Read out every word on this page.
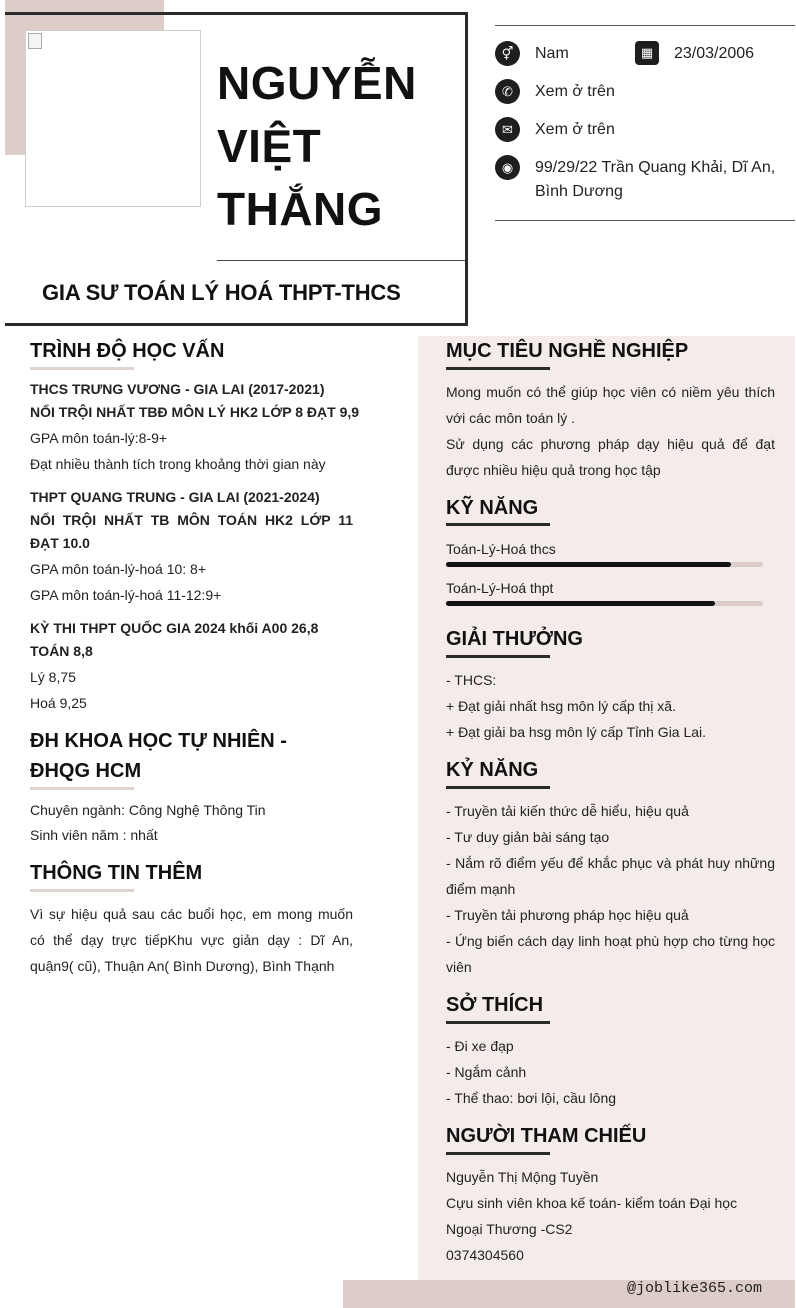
NGUYỄN
VIỆT
THẮNG
GIA SƯ TOÁN LÝ HOÁ THPT-THCS
⚥	Nam	▦	23/03/2006
✆	Xem ở trên
✉	Xem ở trên
◉	99/29/22 Trần Quang Khải, Dĩ An, Bình Dương
TRÌNH ĐỘ HỌC VẤN
THCS TRƯNG VƯƠNG - GIA LAI (2017-2021)
NỔI TRỘI NHẤT TBĐ MÔN LÝ HK2 LỚP 8 ĐẠT 9,9
GPA môn toán-lý:8-9+
Đạt nhiều thành tích trong khoảng thời gian này
THPT QUANG TRUNG - GIA LAI (2021-2024)
NỔI TRỘI NHẤT TB MÔN TOÁN HK2 LỚP 11 ĐẠT 10.0
GPA môn toán-lý-hoá 10: 8+
GPA môn toán-lý-hoá 11-12:9+
KỲ THI THPT QUỐC GIA 2024 khối A00 26,8 TOÁN 8,8
Lý 8,75
Hoá 9,25
ĐH KHOA HỌC TỰ NHIÊN - ĐHQG HCM
Chuyên ngành: Công Nghệ Thông Tin
Sinh viên năm : nhất
THÔNG TIN THÊM
Vì sự hiệu quả sau các buổi học, em mong muốn có thể dạy trực tiếpKhu vực giản dạy : Dĩ An, quận9( cũ), Thuận An( Bình Dương), Bình Thạnh
MỤC TIÊU NGHỀ NGHIỆP
Mong muốn có thể giúp học viên có niềm yêu thích với các môn toán lý .
Sử dụng các phương pháp dạy hiệu quả để đạt được nhiều hiệu quả trong học tập
KỸ NĂNG
Toán-Lý-Hoá thcs
Toán-Lý-Hoá thpt
GIẢI THƯỞNG
- THCS:
+ Đạt giải nhất hsg môn lý cấp thị xã.
+ Đạt giải ba hsg môn lý cấp Tỉnh Gia Lai.
KỶ NĂNG
- Truyền tải kiến thức dễ hiểu, hiệu quả
- Tư duy giản bài sáng tạo
- Nắm rõ điểm yếu để khắc phục và phát huy những điểm mạnh
- Truyền tải phương pháp học hiệu quả
- Ứng biến cách dạy linh hoạt phù hợp cho từng học viên
SỞ THÍCH
- Đi xe đạp
- Ngắm cảnh
- Thể thao: bơi lội, cầu lông
NGƯỜI THAM CHIẾU
Nguyễn Thị Mộng Tuyền
Cựu sinh viên khoa kế toán- kiểm toán Đại học Ngoại Thương -CS2
0374304560
@joblike365.com
